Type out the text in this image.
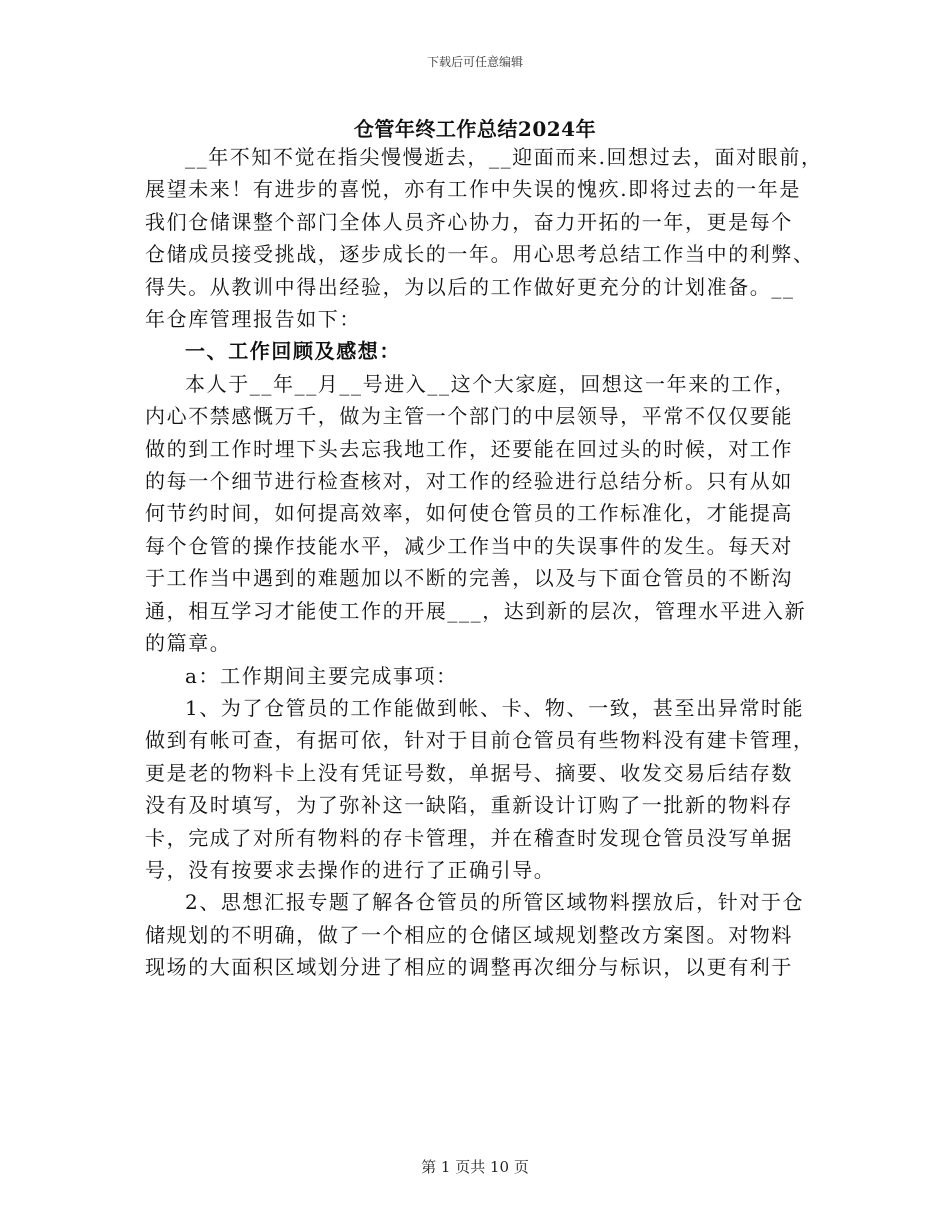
下载后可任意编辑
仓管年终工作总结2024年

__年不知不觉在指尖慢慢逝去，__迎面而来.回想过去，面对眼前，
展望未来！有进步的喜悦，亦有工作中失误的愧疚.即将过去的一年是
我们仓储课整个部门全体人员齐心协力，奋力开拓的一年，更是每个
仓储成员接受挑战，逐步成长的一年。用心思考总结工作当中的利弊、
得失。从教训中得出经验，为以后的工作做好更充分的计划准备。__
年仓库管理报告如下：

一、工作回顾及感想：

本人于__年__月__号进入__这个大家庭，回想这一年来的工作，
内心不禁感慨万千，做为主管一个部门的中层领导，平常不仅仅要能
做的到工作时埋下头去忘我地工作，还要能在回过头的时候，对工作
的每一个细节进行检查核对，对工作的经验进行总结分析。只有从如
何节约时间，如何提高效率，如何使仓管员的工作标准化，才能提高
每个仓管的操作技能水平，减少工作当中的失误事件的发生。每天对
于工作当中遇到的难题加以不断的完善，以及与下面仓管员的不断沟
通，相互学习才能使工作的开展___，达到新的层次，管理水平进入新
的篇章。

a：工作期间主要完成事项：

1、为了仓管员的工作能做到帐、卡、物、一致，甚至出异常时能
做到有帐可查，有据可依，针对于目前仓管员有些物料没有建卡管理，
更是老的物料卡上没有凭证号数，单据号、摘要、收发交易后结存数
没有及时填写，为了弥补这一缺陷，重新设计订购了一批新的物料存
卡，完成了对所有物料的存卡管理，并在稽查时发现仓管员没写单据
号，没有按要求去操作的进行了正确引导。

2、思想汇报专题了解各仓管员的所管区域物料摆放后，针对于仓
储规划的不明确，做了一个相应的仓储区域规划整改方案图。对物料
现场的大面积区域划分进了相应的调整再次细分与标识，以更有利于

第 1 页共 10 页
